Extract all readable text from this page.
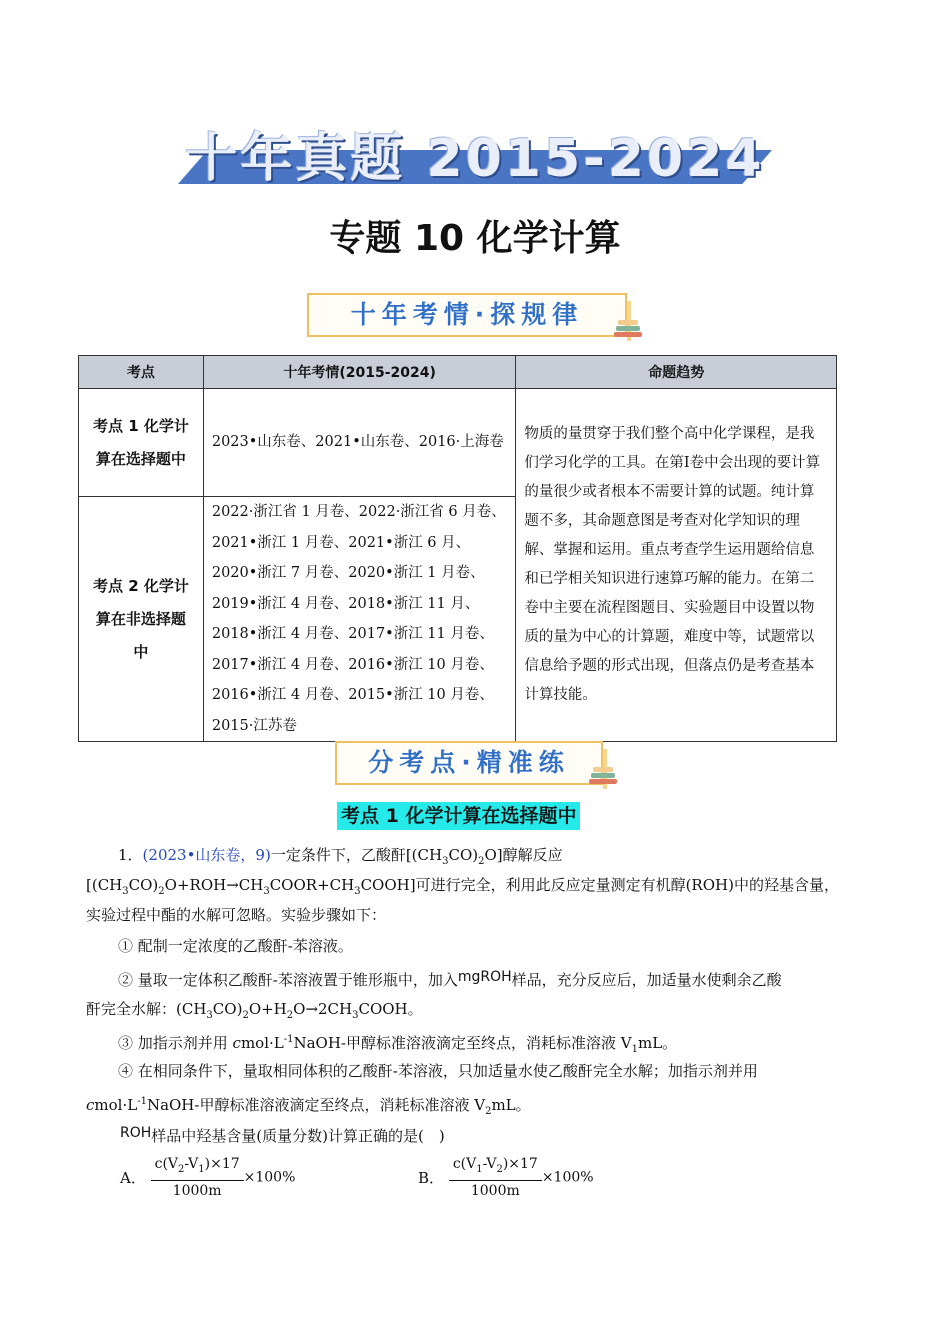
十年真题 2015-2024
专题 10 化学计算
十年考情·探规律
考点	十年考情(2015-2024)	命题趋势
考点 1 化学计算在选择题中	2023•山东卷、2021•山东卷、2016·上海卷	物质的量贯穿于我们整个高中化学课程，是我们学习化学的工具。在第Ⅰ卷中会出现的要计算的量很少或者根本不需要计算的试题。纯计算题不多，其命题意图是考查对化学知识的理解、掌握和运用。重点考查学生运用题给信息和已学相关知识进行速算巧解的能力。在第二卷中主要在流程图题目、实验题目中设置以物质的量为中心的计算题，难度中等，试题常以信息给予题的形式出现，但落点仍是考查基本计算技能。
考点 2 化学计算在非选择题中	2022·浙江省 1 月卷、2022·浙江省 6 月卷、2021•浙江 1 月卷、2021•浙江 6 月、2020•浙江 7 月卷、2020•浙江 1 月卷、2019•浙江 4 月卷、2018•浙江 11 月、2018•浙江 4 月卷、2017•浙江 11 月卷、2017•浙江 4 月卷、2016•浙江 10 月卷、2016•浙江 4 月卷、2015•浙江 10 月卷、2015·江苏卷	
分考点·精准练
考点 1 化学计算在选择题中
1．(2023•山东卷，9)一定条件下，乙酸酐$[(CH_3CO)_2O]$醇解反应
$[(CH_3CO)_2O+ROH\to CH_3COOR+CH_3COOH]$可进行完全，利用此反应定量测定有机醇(ROH)中的羟基含量，
实验过程中酯的水解可忽略。实验步骤如下：
① 配制一定浓度的乙酸酐-苯溶液。
② 量取一定体积乙酸酐-苯溶液置于锥形瓶中，加入mgROH样品，充分反应后，加适量水使剩余乙酸
酐完全水解：$(CH_3CO)_2O+H_2O\to 2CH_3COOH$。
③ 加指示剂并用 $cmol\cdot L^{-1}NaOH-$甲醇标准溶液滴定至终点，消耗标准溶液 $V_1mL$。
④ 在相同条件下，量取相同体积的乙酸酐-苯溶液，只加适量水使乙酸酐完全水解；加指示剂并用
$cmol\cdot L^{-1}NaOH-$甲醇标准溶液滴定至终点，消耗标准溶液 $V_2mL$。
ROH样品中羟基含量(质量分数)计算正确的是(　)
A． $\frac{c(V_2-V_1)\times 17}{1000m} \times 100\%$	B． $\frac{c(V_1-V_2)\times 17}{1000m} \times 100\%$
